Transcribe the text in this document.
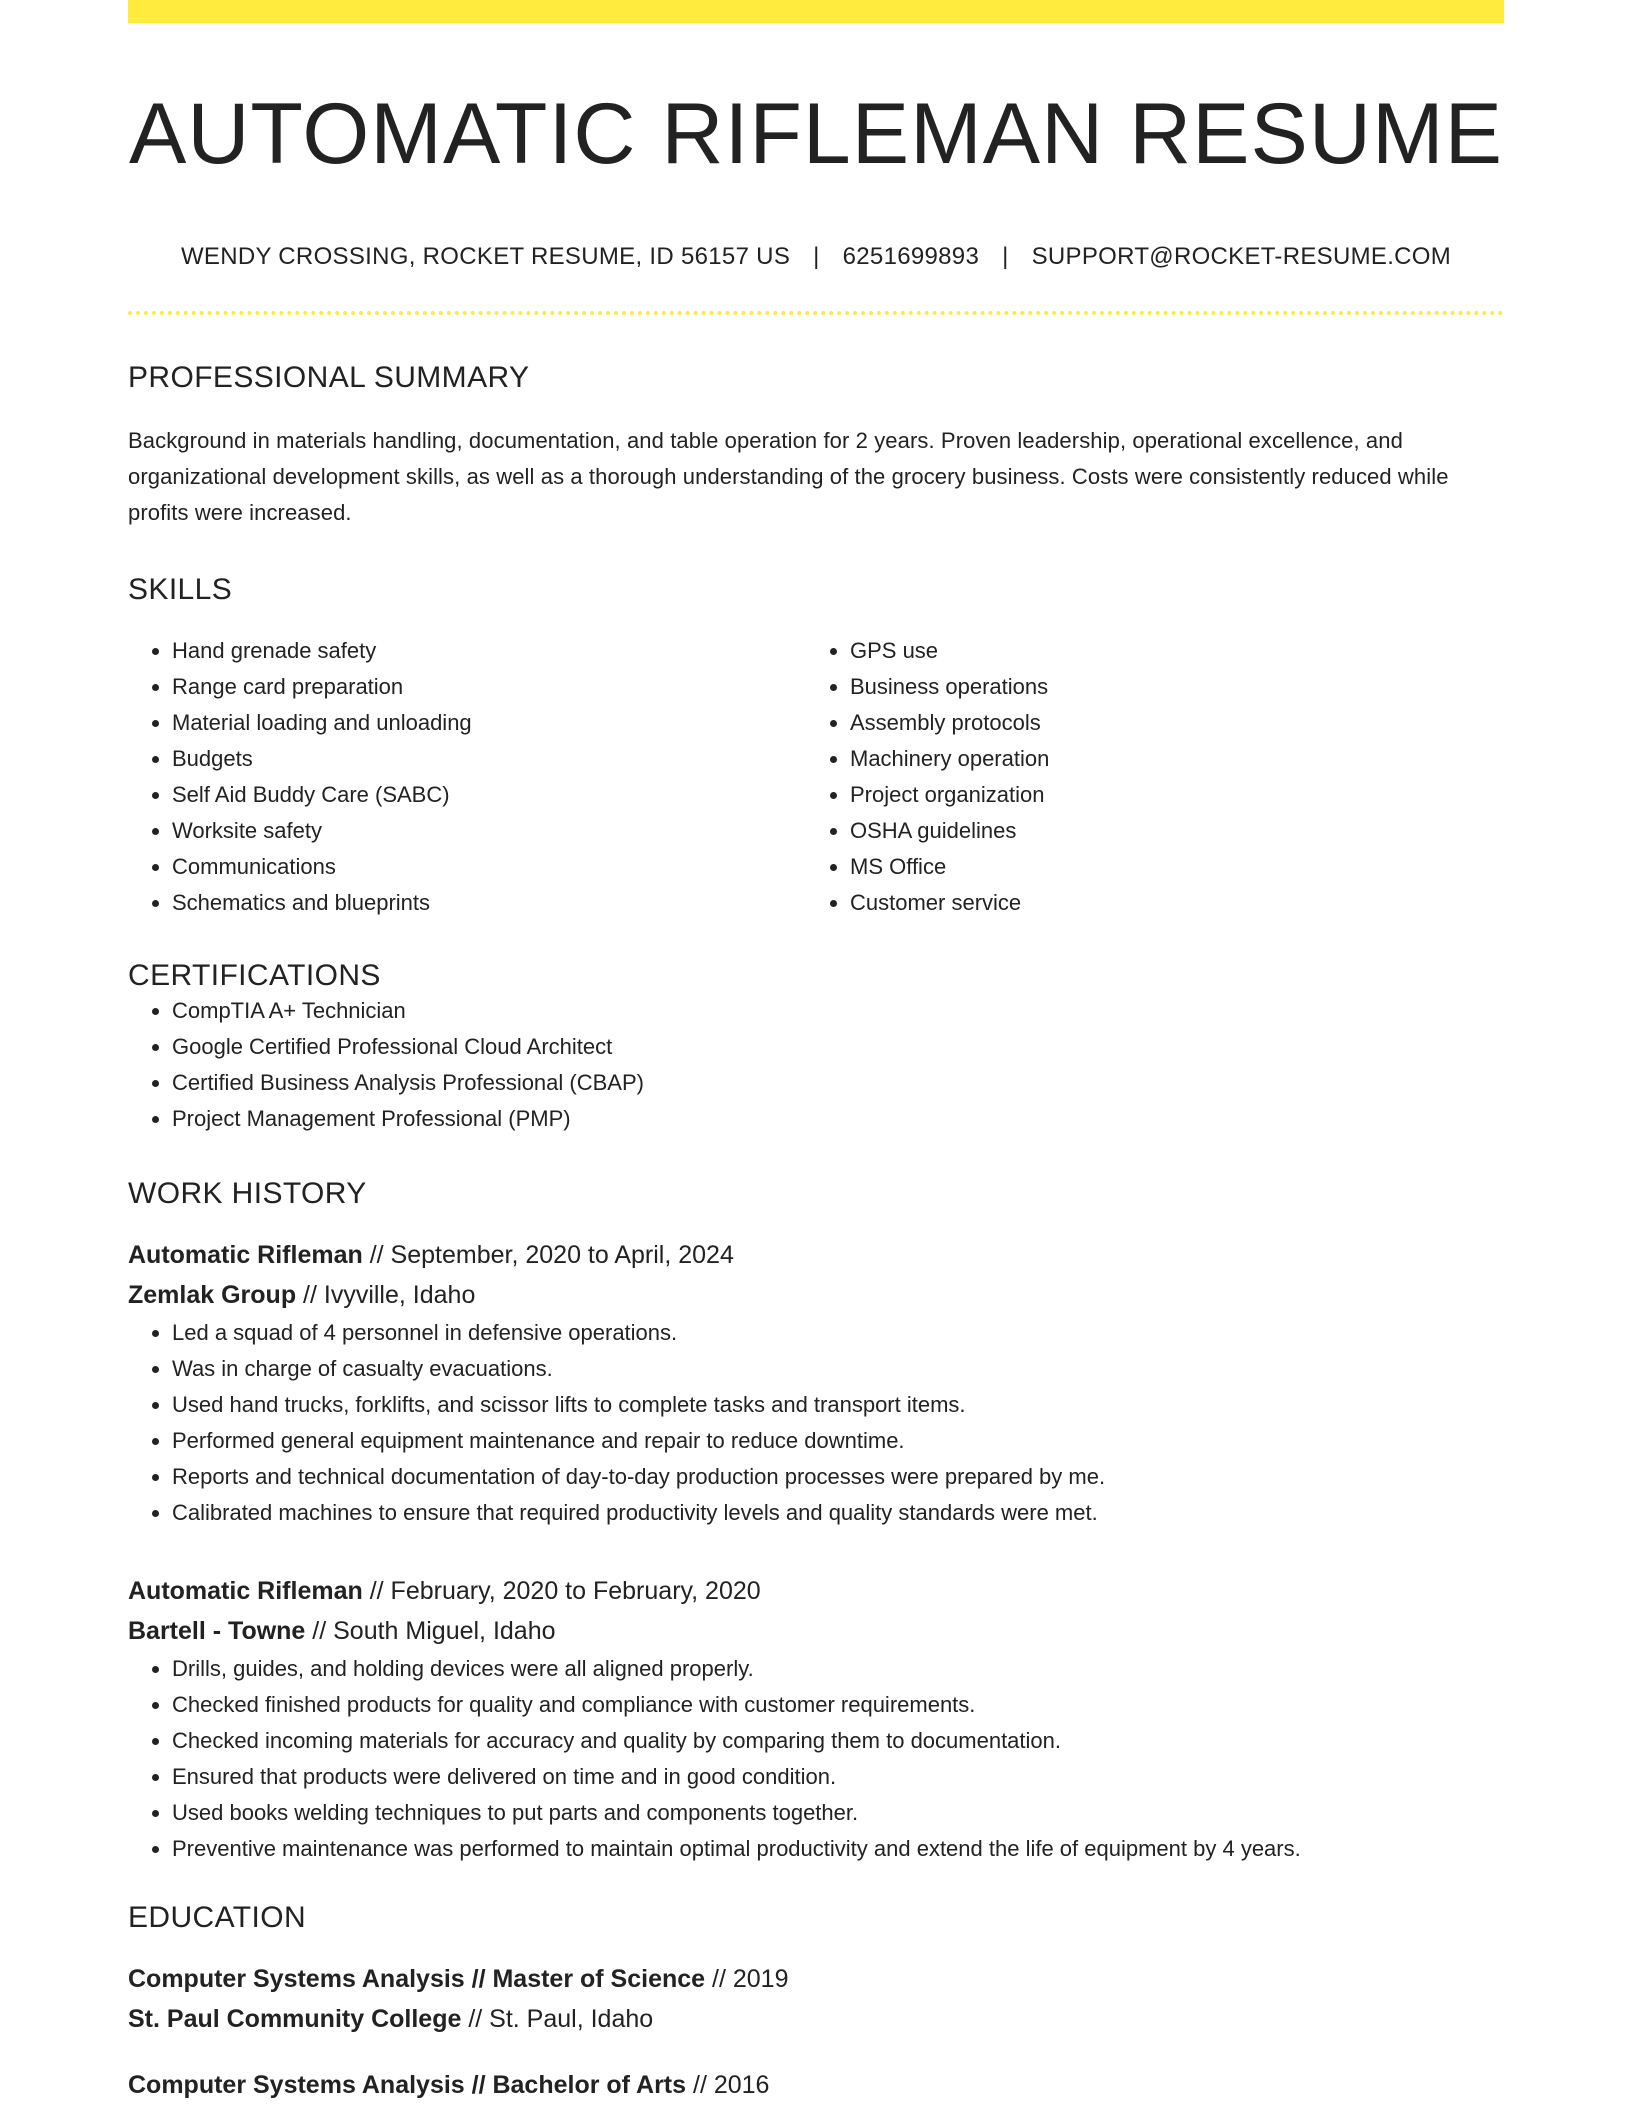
AUTOMATIC RIFLEMAN RESUME
WENDY CROSSING, ROCKET RESUME, ID 56157 US | 6251699893 | SUPPORT@ROCKET-RESUME.COM
PROFESSIONAL SUMMARY

Background in materials handling, documentation, and table operation for 2 years. Proven leadership, operational excellence, and organizational development skills, as well as a thorough understanding of the grocery business. Costs were consistently reduced while profits were increased.

SKILLS
• Hand grenade safety
• Range card preparation
• Material loading and unloading
• Budgets
• Self Aid Buddy Care (SABC)
• Worksite safety
• Communications
• Schematics and blueprints
• GPS use
• Business operations
• Assembly protocols
• Machinery operation
• Project organization
• OSHA guidelines
• MS Office
• Customer service
CERTIFICATIONS
• CompTIA A+ Technician
• Google Certified Professional Cloud Architect
• Certified Business Analysis Professional (CBAP)
• Project Management Professional (PMP)
WORK HISTORY
Automatic Rifleman // September, 2020 to April, 2024
Zemlak Group // Ivyville, Idaho
• Led a squad of 4 personnel in defensive operations.
• Was in charge of casualty evacuations.
• Used hand trucks, forklifts, and scissor lifts to complete tasks and transport items.
• Performed general equipment maintenance and repair to reduce downtime.
• Reports and technical documentation of day-to-day production processes were prepared by me.
• Calibrated machines to ensure that required productivity levels and quality standards were met.
Automatic Rifleman // February, 2020 to February, 2020
Bartell - Towne // South Miguel, Idaho
• Drills, guides, and holding devices were all aligned properly.
• Checked finished products for quality and compliance with customer requirements.
• Checked incoming materials for accuracy and quality by comparing them to documentation.
• Ensured that products were delivered on time and in good condition.
• Used books welding techniques to put parts and components together.
• Preventive maintenance was performed to maintain optimal productivity and extend the life of equipment by 4 years.
EDUCATION
Computer Systems Analysis // Master of Science // 2019
St. Paul Community College // St. Paul, Idaho
Computer Systems Analysis // Bachelor of Arts // 2016
